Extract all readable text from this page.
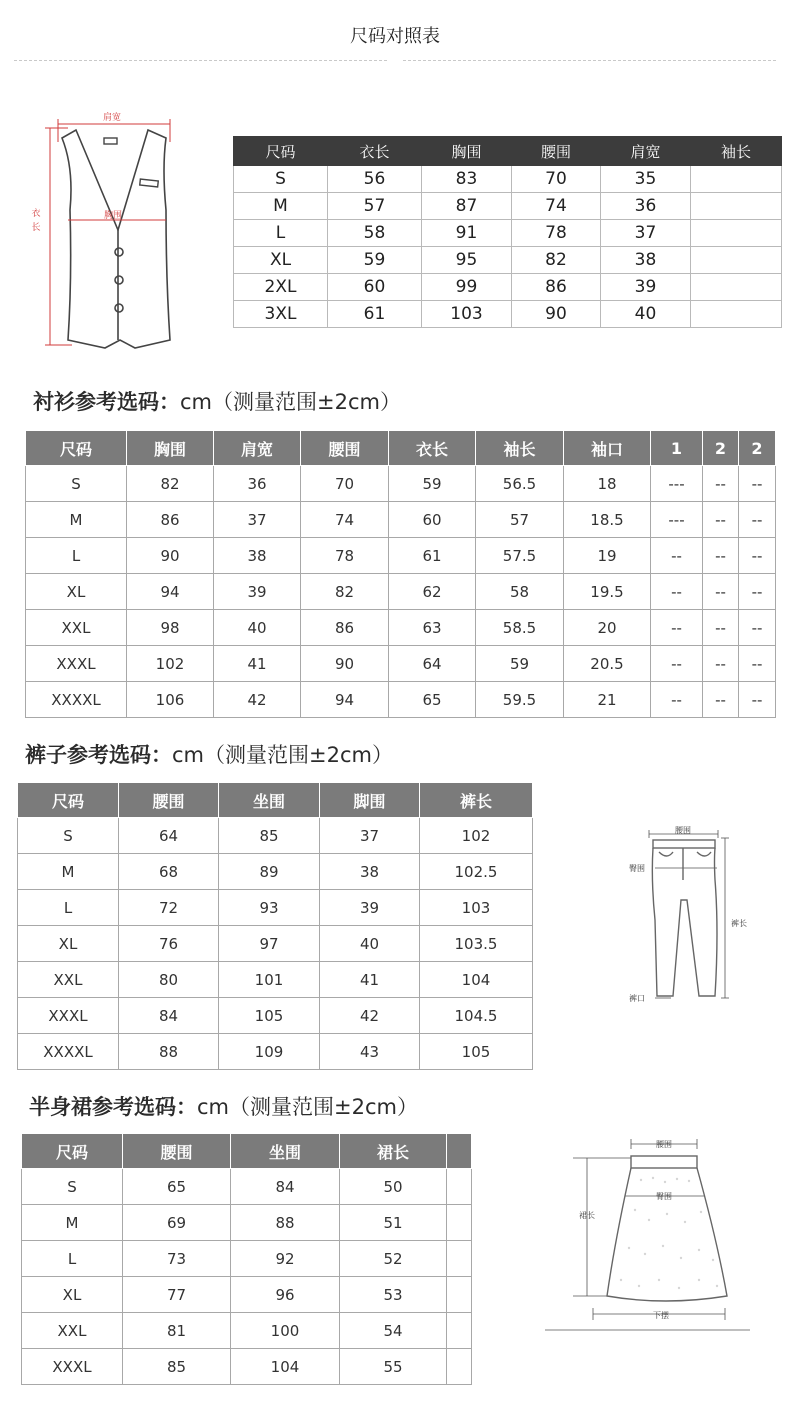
尺码对照表
肩宽
胸围
衣
长
尺码	衣长	胸围	腰围	肩宽	袖长
S	56	83	70	35	
M	57	87	74	36	
L	58	91	78	37	
XL	59	95	82	38	
2XL	60	99	86	39	
3XL	61	103	90	40	
衬衫参考选码：cm（测量范围±2cm）
尺码	胸围	肩宽	腰围	衣长	袖长	袖口	1	2	2
S	82	36	70	59	56.5	18	---	--	--
M	86	37	74	60	57	18.5	---	--	--
L	90	38	78	61	57.5	19	--	--	--
XL	94	39	82	62	58	19.5	--	--	--
XXL	98	40	86	63	58.5	20	--	--	--
XXXL	102	41	90	64	59	20.5	--	--	--
XXXXL	106	42	94	65	59.5	21	--	--	--
裤子参考选码：cm（测量范围±2cm）
尺码	腰围	坐围	脚围	裤长
S	64	85	37	102
M	68	89	38	102.5
L	72	93	39	103
XL	76	97	40	103.5
XXL	80	101	41	104
XXXL	84	105	42	104.5
XXXXL	88	109	43	105
腰围
臀围
裤长
裤口
半身裙参考选码：cm（测量范围±2cm）
尺码	腰围	坐围	裙长	
S	65	84	50	
M	69	88	51	
L	73	92	52	
XL	77	96	53	
XXL	81	100	54	
XXXL	85	104	55	
腰围
臀围
裙长
下摆
